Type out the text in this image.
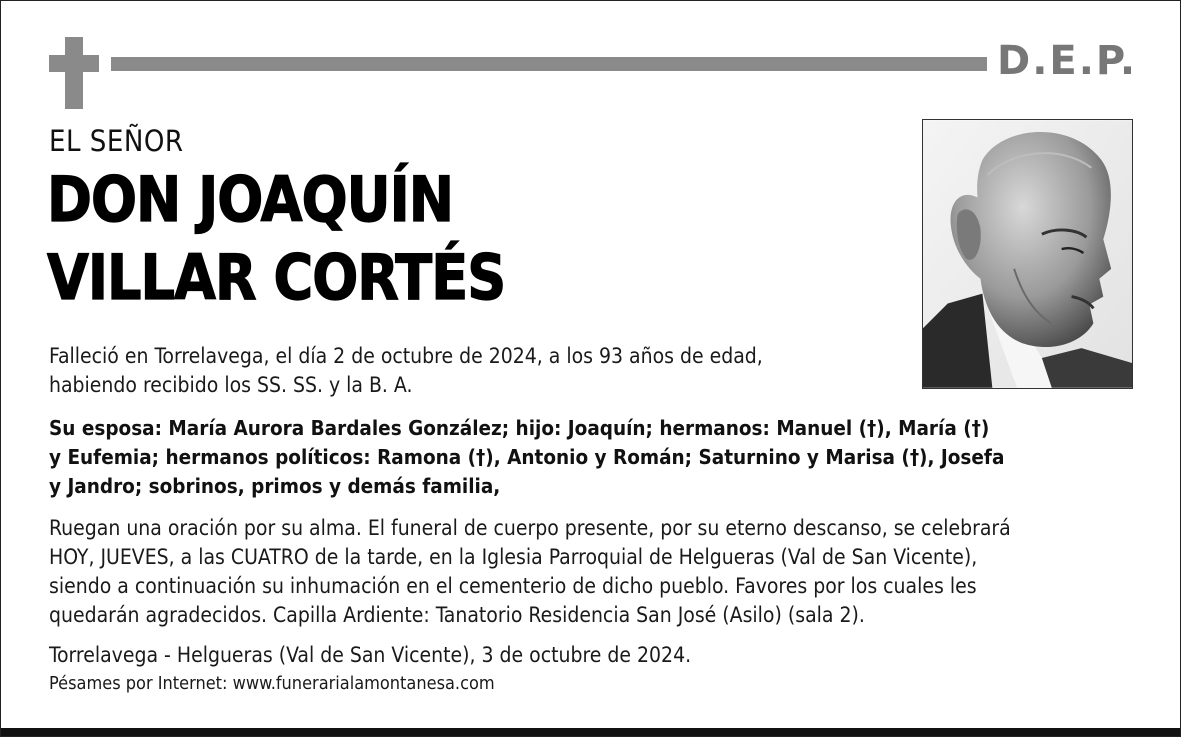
D.E.P.
EL SEÑOR
DON JOAQUÍN
VILLAR CORTÉS
Falleció en Torrelavega, el día 2 de octubre de 2024, a los 93 años de edad,
habiendo recibido los SS. SS. y la B. A.
Su esposa: María Aurora Bardales González; hijo: Joaquín; hermanos: Manuel (†), María (†)
y Eufemia; hermanos políticos: Ramona (†), Antonio y Román; Saturnino y Marisa (†), Josefa
y Jandro; sobrinos, primos y demás familia,
Ruegan una oración por su alma. El funeral de cuerpo presente, por su eterno descanso, se celebrará
HOY, JUEVES, a las CUATRO de la tarde, en la Iglesia Parroquial de Helgueras (Val de San Vicente),
siendo a continuación su inhumación en el cementerio de dicho pueblo. Favores por los cuales les
quedarán agradecidos. Capilla Ardiente: Tanatorio Residencia San José (Asilo) (sala 2).
Torrelavega - Helgueras (Val de San Vicente), 3 de octubre de 2024.
Pésames por Internet: www.funerarialamontanesa.com
